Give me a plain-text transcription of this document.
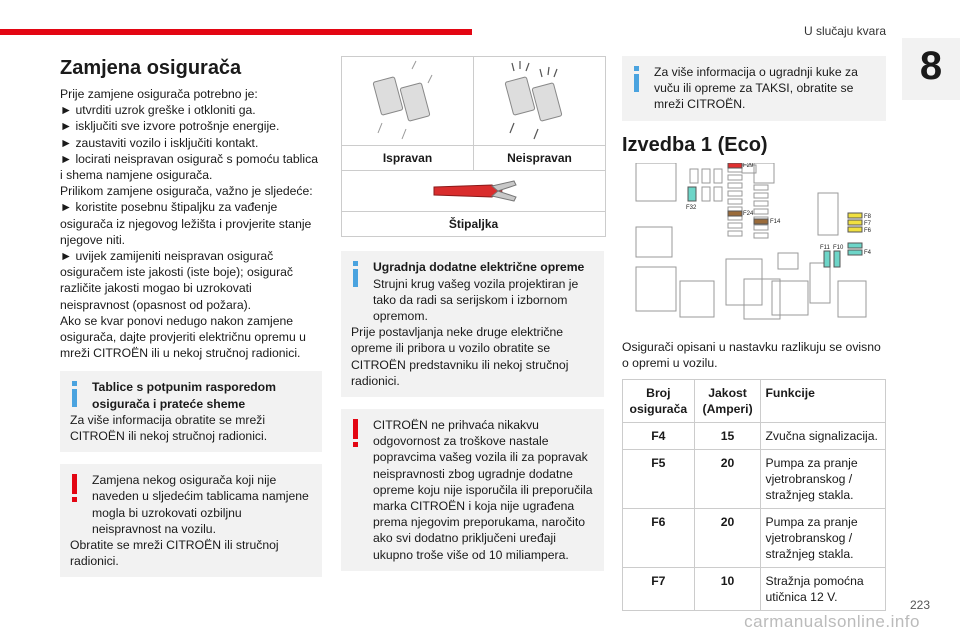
U slučaju kvara
8
Zamjena osigurača

Prije zamjene osigurača potrebno je:

► utvrditi uzrok greške i otkloniti ga.

► isključiti sve izvore potrošnje energije.

► zaustaviti vozilo i isključiti kontakt.

► locirati neispravan osigurač s pomoću tablica i shema namjene osigurača.

Prilikom zamjene osigurača, važno je sljedeće:

► koristite posebnu štipaljku za vađenje osigurača iz njegovog ležišta i provjerite stanje njegove niti.

► uvijek zamijeniti neispravan osigurač osiguračem iste jakosti (iste boje); osigurač različite jakosti mogao bi uzrokovati neispravnost (opasnost od požara).

Ako se kvar ponovi nedugo nakon zamjene osigurača, dajte provjeriti električnu opremu u mreži CITROËN ili u nekoj stručnoj radionici.

Tablice s potpunim rasporedom osigurača i prateće sheme
Za više informacija obratite se mreži CITROËN ili nekoj stručnoj radionici.
Zamjena nekog osigurača koji nije naveden u sljedećim tablicama namjene mogla bi uzrokovati ozbiljnu neispravnost na vozilu.
Obratite se mreži CITROËN ili stručnoj radionici.
Ispravan	Neispravan
Štipaljka
Ugradnja dodatne električne opreme
Strujni krug vašeg vozila projektiran je tako da radi sa serijskom i izbornom opremom.
Prije postavljanja neke druge električne opreme ili pribora u vozilo obratite se CITROËN predstavniku ili nekoj stručnoj radionici.
CITROËN ne prihvaća nikakvu odgovornost za troškove nastale popravcima vašeg vozila ili za popravak neispravnosti zbog ugradnje dodatne opreme koju nije isporučila ili preporučila marka CITROËN i koja nije ugrađena prema njegovim preporukama, naročito ako svi dodatno priključeni uređaji ukupno troše više od 10 miliampera.
Za više informacija o ugradnji kuke za vuču ili opreme za TAKSI, obratite se mreži CITROËN.
Izvedba 1 (Eco)
F29
F32
F24
F14
F8
F7
F6
F4
F11 F10

Osigurači opisani u nastavku razlikuju se ovisno o opremi u vozilu.

Broj osigurača	Jakost (Amperi)	Funkcije
F4	15	Zvučna signalizacija.
F5	20	Pumpa za pranje vjetrobranskog / stražnjeg stakla.
F6	20	Pumpa za pranje vjetrobranskog / stražnjeg stakla.
F7	10	Stražnja pomoćna utičnica 12 V.
carmanualsonline.info
223
